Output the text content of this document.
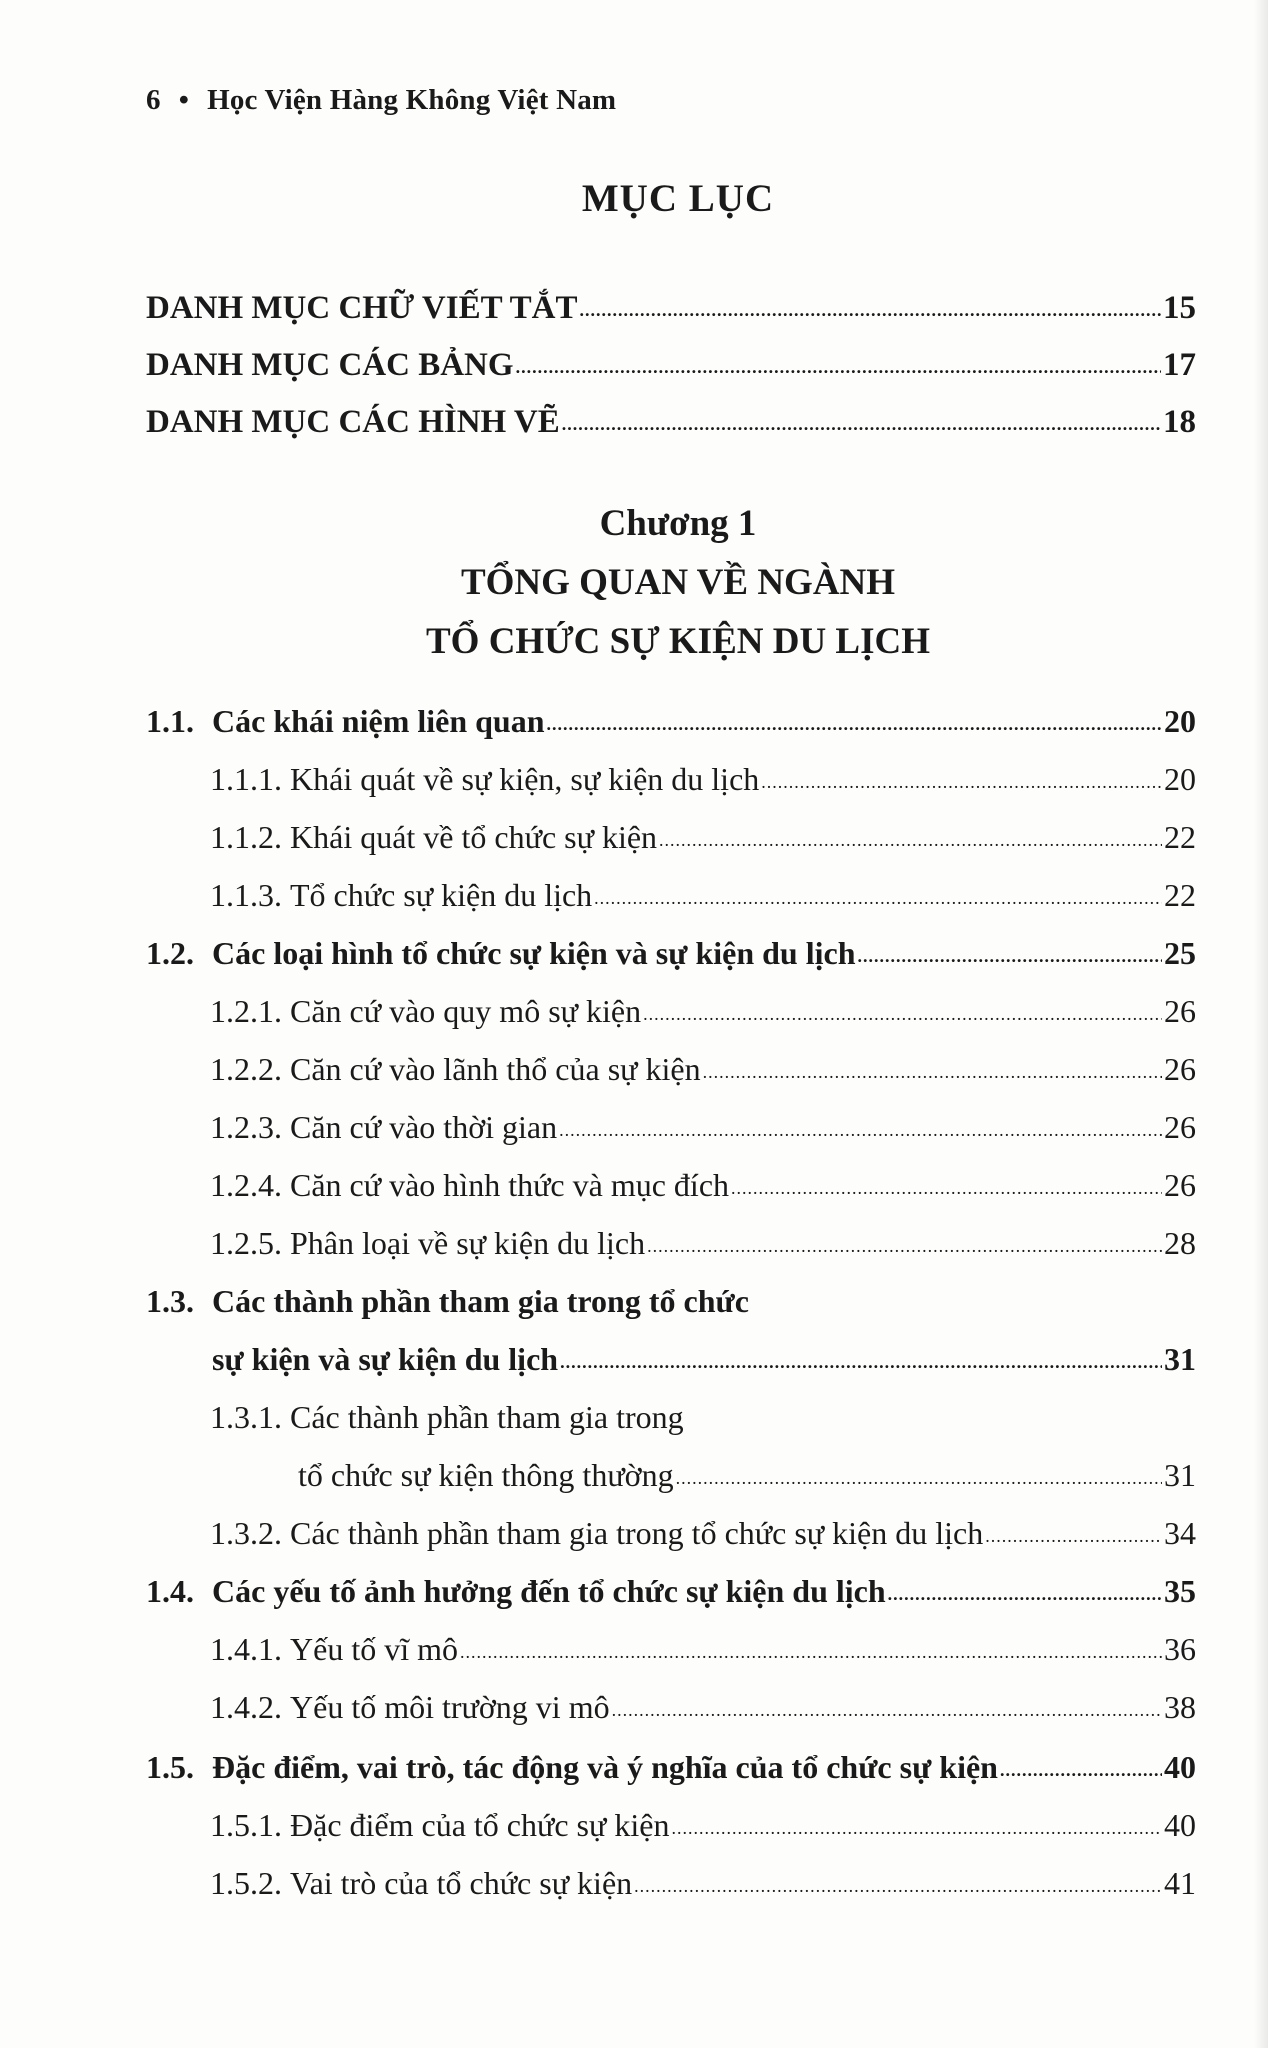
6 • Học Viện Hàng Không Việt Nam
MỤC LỤC
DANH MỤC CHỮ VIẾT TẮT .....	15
DANH MỤC CÁC BẢNG .....	17
DANH MỤC CÁC HÌNH VẼ .....	18
Chương 1
TỔNG QUAN VỀ NGÀNH
TỔ CHỨC SỰ KIỆN DU LỊCH
1.1. Các khái niệm liên quan .....	20
1.1.1. Khái quát về sự kiện, sự kiện du lịch .....	20
1.1.2. Khái quát về tổ chức sự kiện .....	22
1.1.3. Tổ chức sự kiện du lịch .....	22
1.2. Các loại hình tổ chức sự kiện và sự kiện du lịch .....	25
1.2.1. Căn cứ vào quy mô sự kiện .....	26
1.2.2. Căn cứ vào lãnh thổ của sự kiện .....	26
1.2.3. Căn cứ vào thời gian .....	26
1.2.4. Căn cứ vào hình thức và mục đích .....	26
1.2.5. Phân loại về sự kiện du lịch .....	28
1.3. Các thành phần tham gia trong tổ chức
sự kiện và sự kiện du lịch .....	31
1.3.1. Các thành phần tham gia trong
tổ chức sự kiện thông thường .....	31
1.3.2. Các thành phần tham gia trong tổ chức sự kiện du lịch .....	34
1.4. Các yếu tố ảnh hưởng đến tổ chức sự kiện du lịch .....	35
1.4.1. Yếu tố vĩ mô .....	36
1.4.2. Yếu tố môi trường vi mô .....	38
1.5. Đặc điểm, vai trò, tác động và ý nghĩa của tổ chức sự kiện .....	40
1.5.1. Đặc điểm của tổ chức sự kiện .....	40
1.5.2. Vai trò của tổ chức sự kiện .....	41
